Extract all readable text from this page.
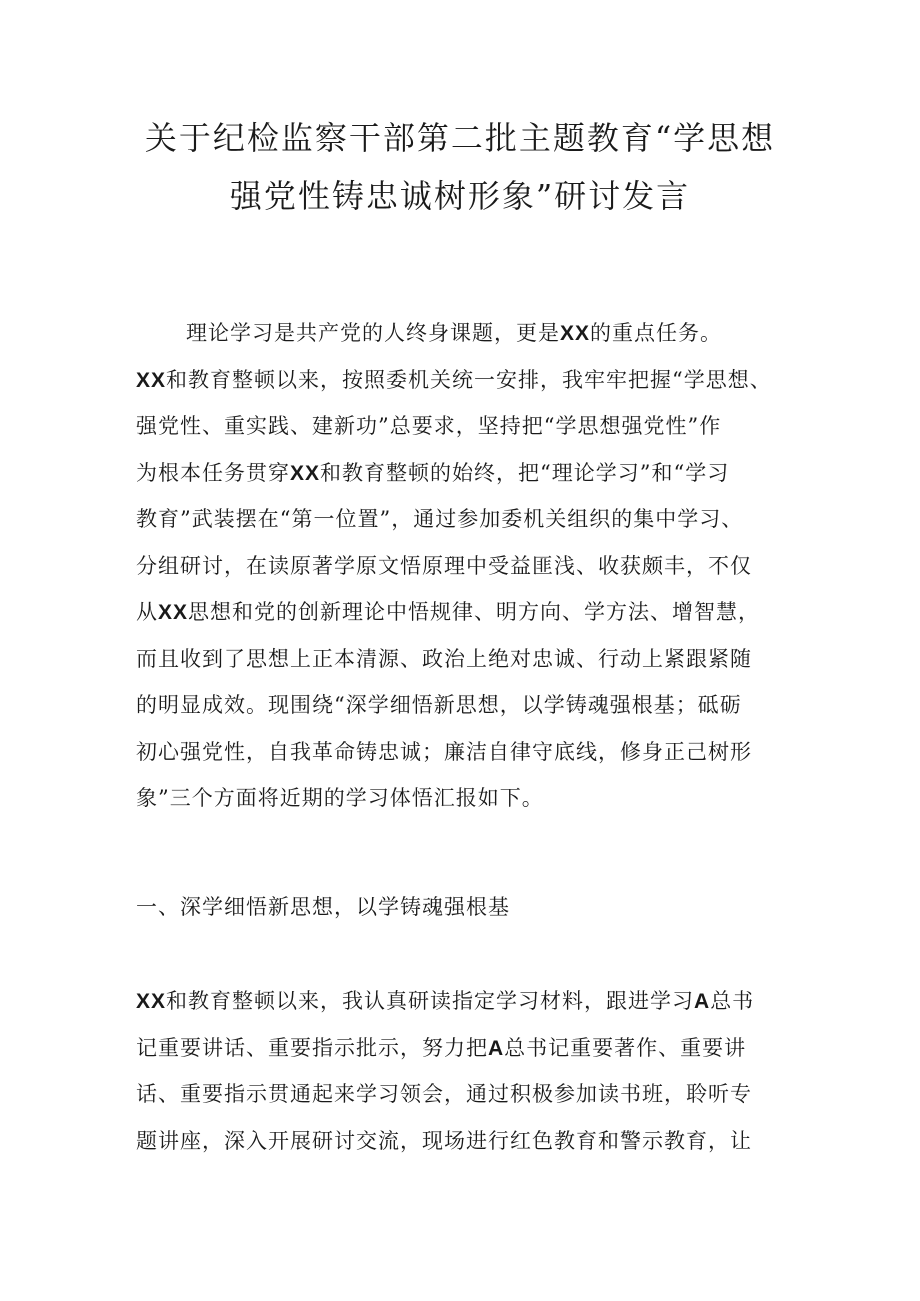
关于纪检监察干部第二批主题教育“学思想
强党性铸忠诚树形象”研讨发言

理论学习是共产党的人终身课题，更是XX的重点任务。
XX和教育整顿以来，按照委机关统一安排，我牢牢把握“学思想、
强党性、重实践、建新功”总要求，坚持把“学思想强党性”作
为根本任务贯穿XX和教育整顿的始终，把“理论学习”和“学习
教育”武装摆在“第一位置”，通过参加委机关组织的集中学习、
分组研讨，在读原著学原文悟原理中受益匪浅、收获颇丰，不仅
从XX思想和党的创新理论中悟规律、明方向、学方法、增智慧，
而且收到了思想上正本清源、政治上绝对忠诚、行动上紧跟紧随
的明显成效。现围绕“深学细悟新思想，以学铸魂强根基；砥砺
初心强党性，自我革命铸忠诚；廉洁自律守底线，修身正己树形
象”三个方面将近期的学习体悟汇报如下。

一、深学细悟新思想，以学铸魂强根基

XX和教育整顿以来，我认真研读指定学习材料，跟进学习A总书
记重要讲话、重要指示批示，努力把A总书记重要著作、重要讲
话、重要指示贯通起来学习领会，通过积极参加读书班，聆听专
题讲座，深入开展研讨交流，现场进行红色教育和警示教育，让
